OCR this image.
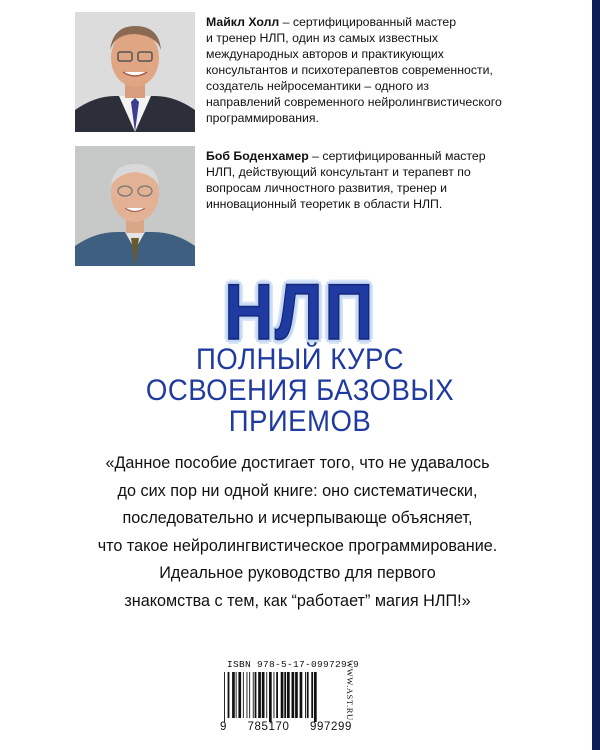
Майкл Холл – сертифицированный мастер
и тренер НЛП, один из самых известных
международных авторов и практикующих
консультантов и психотерапевтов современности,
создатель нейросемантики – одного из
направлений современного нейролингвистического
программирования.
Боб Боденхамер – сертифицированный мастер
НЛП, действующий консультант и терапевт по
вопросам личностного развития, тренер и
инновационный теоретик в области НЛП.
НЛП
ПОЛНЫЙ КУРС
ОСВОЕНИЯ БАЗОВЫХ
ПРИЕМОВ
«Данное пособие достигает того, что не удавалось
до сих пор ни одной книге: оно систематически,
последовательно и исчерпывающе объясняет,
что такое нейролингвистическое программирование.
Идеальное руководство для первого
знакомства с тем, как “работает” магия НЛП!»
ISBN 978-5-17-099729-9
9 785170 997299
WWW.AST.RU
